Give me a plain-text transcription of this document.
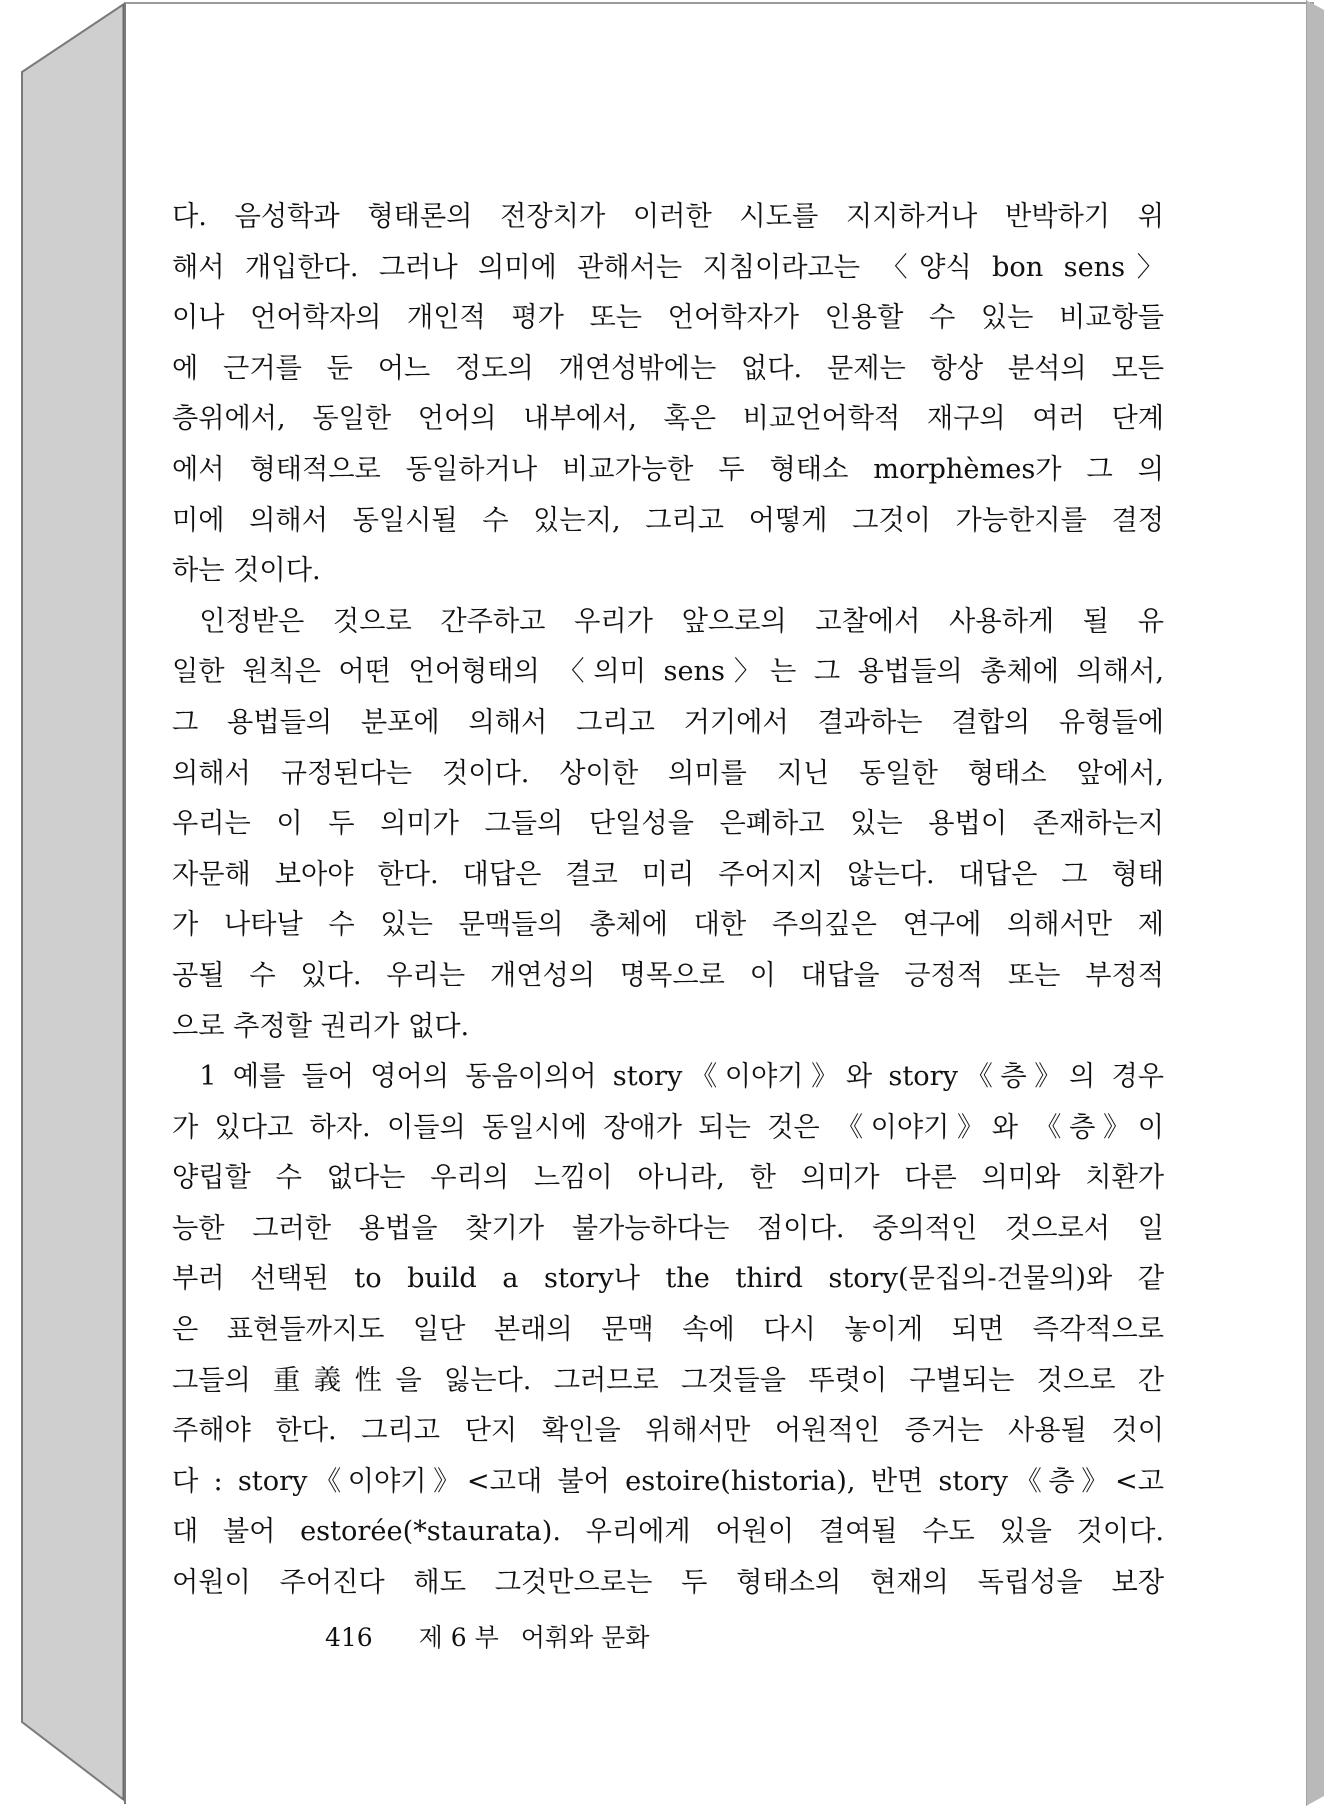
다. 음성학과 형태론의 전장치가 이러한 시도를 지지하거나 반박하기 위
해서 개입한다. 그러나 의미에 관해서는 지침이라고는 〈양식 bon sens〉
이나 언어학자의 개인적 평가 또는 언어학자가 인용할 수 있는 비교항들
에 근거를 둔 어느 정도의 개연성밖에는 없다. 문제는 항상 분석의 모든
층위에서, 동일한 언어의 내부에서, 혹은 비교언어학적 재구의 여러 단계
에서 형태적으로 동일하거나 비교가능한 두 형태소 morphèmes가 그 의
미에 의해서 동일시될 수 있는지, 그리고 어떻게 그것이 가능한지를 결정
하는 것이다.
인정받은 것으로 간주하고 우리가 앞으로의 고찰에서 사용하게 될 유
일한 원칙은 어떤 언어형태의 〈의미 sens〉는 그 용법들의 총체에 의해서,
그 용법들의 분포에 의해서 그리고 거기에서 결과하는 결합의 유형들에
의해서 규정된다는 것이다. 상이한 의미를 지닌 동일한 형태소 앞에서,
우리는 이 두 의미가 그들의 단일성을 은폐하고 있는 용법이 존재하는지
자문해 보아야 한다. 대답은 결코 미리 주어지지 않는다. 대답은 그 형태
가 나타날 수 있는 문맥들의 총체에 대한 주의깊은 연구에 의해서만 제
공될 수 있다. 우리는 개연성의 명목으로 이 대답을 긍정적 또는 부정적
으로 추정할 권리가 없다.
1 예를 들어 영어의 동음이의어 story《이야기》와 story《층》의 경우
가 있다고 하자. 이들의 동일시에 장애가 되는 것은 《이야기》와 《층》이
양립할 수 없다는 우리의 느낌이 아니라, 한 의미가 다른 의미와 치환가
능한 그러한 용법을 찾기가 불가능하다는 점이다. 중의적인 것으로서 일
부러 선택된 to build a story나 the third story(문집의-건물의)와 같
은 표현들까지도 일단 본래의 문맥 속에 다시 놓이게 되면 즉각적으로
그들의 重義性을 잃는다. 그러므로 그것들을 뚜렷이 구별되는 것으로 간
주해야 한다. 그리고 단지 확인을 위해서만 어원적인 증거는 사용될 것이
다 : story《이야기》<고대 불어 estoire(historia), 반면 story《층》<고
대 불어 estorée(*staurata). 우리에게 어원이 결여될 수도 있을 것이다.
어원이 주어진다 해도 그것만으로는 두 형태소의 현재의 독립성을 보장
416 제 6 부 어휘와 문화
